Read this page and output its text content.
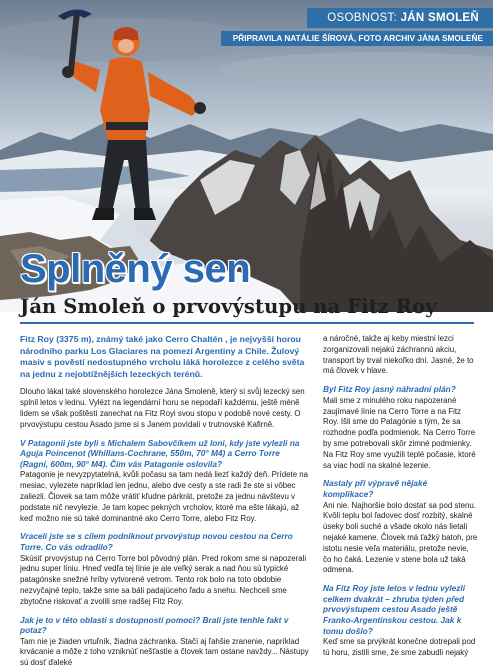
OSOBNOST: JÁN SMOLEŇ
PŘIPRAVILA NATÁLIE ŠÍROVÁ, FOTO ARCHIV JÁNA SMOLEŇE
Splněný sen
Ján Smoleň o prvovýstupu na Fitz Roy

Fitz Roy (3375 m), známý také jako Cerro Chaltén , je nejvyšší horou národního parku Los Glaciares na pomezí Argentiny a Chile. Žulový masiv s pověstí nedostupného vrcholu láká horolezce z celého světa na jednu z nejobtížnějších lezeckých terénů.

Dlouho lákal také slovenského horolezce Jánа Smoleně, který si svůj lezecký sen splnil letos v lednu. Vylézt na legendární horu se nepodaří každému, ještě méně lidem se však poštěstí zanechat na Fitz Royi svou stopu v podobě nové cesty. O prvovýstupu cestou Asado jsme si s Janem povídali v trutnovské Kafirně.

V Patagonii jste byli s Michalem Sabovčíkem už loni, kdy jste vylezli na Aguja Poincenot (Whillans-Cochrane, 550m, 70° M4) a Cerro Torre (Ragni, 600m, 90° M4). Čím vás Patagonie oslovila?

Patagonie je nevyzpytatelná, kvůli počasu sa tam nedá liezť každý deň. Prídete na mesiac, vylezete napríklad len jednu, alebo dve cesty a ste radi že ste si vôbec zaliezli. Človek sa tam môže vrátiť kľudne párkrát, pretože za jednu návštevu v podstate nič nevylezie. Je tam kopec pekných vrcholov, ktoré ma ešte lákajú, až keď možno nie sú také dominantné ako Cerro Torre, alebo Fitz Roy.

Vraceli jste se s cílem podniknout prvovýstup novou cestou na Cerro Torre. Co vás odradilo?

Skúsiť prvovýstup na Cerro Torre bol pôvodný plán. Pred rokom sme si napozerali jednu super líniu. Hneď vedľa tej línie je ale veľký serak a nad ňou sú typické patagónske snežné hríby vytvorené vetrom. Tento rok bolo na toto obdobie nezvyčajné teplo, takže sme sa báli padajúceho ľadu a snehu. Nechceli sme zbytočne riskovať a zvolili sme radšej Fitz Roy.

Jak je to v této oblasti s dostupností pomoci? Brali jste tenhle fakt v potaz?

Tam nie je žiaden vrtuľník, žiadna záchranka. Stačí aj ľahšie zranenie, napríklad krvácanie a môže z toho vzniknúť nešťastie a človek tam ostane navždy... Nástupy sú dosť ďaleké

a náročné, takže aj keby miestni lezci zorganizovali nejakú záchrannú akciu, transport by trval niekoľko dní. Jasné, že to má človek v hlave.

Byl Fitz Roy jasný náhradní plán?

Mali sme z minulého roku napozerané zaujímavé línie na Cerro Torre a na Fitz Roy. Išli sme do Patagónie s tým, že sa rozhodne podľa podmienok. Na Cerro Torre by sme potrebovali skôr zimné podmienky. Na Fitz Roy sme využili teplé počasie, ktoré sa viac hodí na skalné lezenie.

Nastaly při výpravě nějaké komplikace?

Ani nie. Najhoršie bolo dostať sa pod stenu. Kvôli teplu bol ľadovec dosť rozbitý, skalné úseky boli suché a všade okolo nás lietali nejaké kamene. Človek má ťažký batoh, pre istotu nesie veľa materiálu, pretože nevie, čo ho čaká. Lezenie v stene bola už taká odmena.

Na Fitz Roy jste letos v lednu vylezli celkem dvakrát – zhruba týden před prvovýstupem cestou Asado ještě Franko-Argentinskou cestou. Jak k tomu došlo?

Keď sme sa prvýkrát konečne dotrepali pod tú horu, zistili sme, že sme zabudli nejaký
